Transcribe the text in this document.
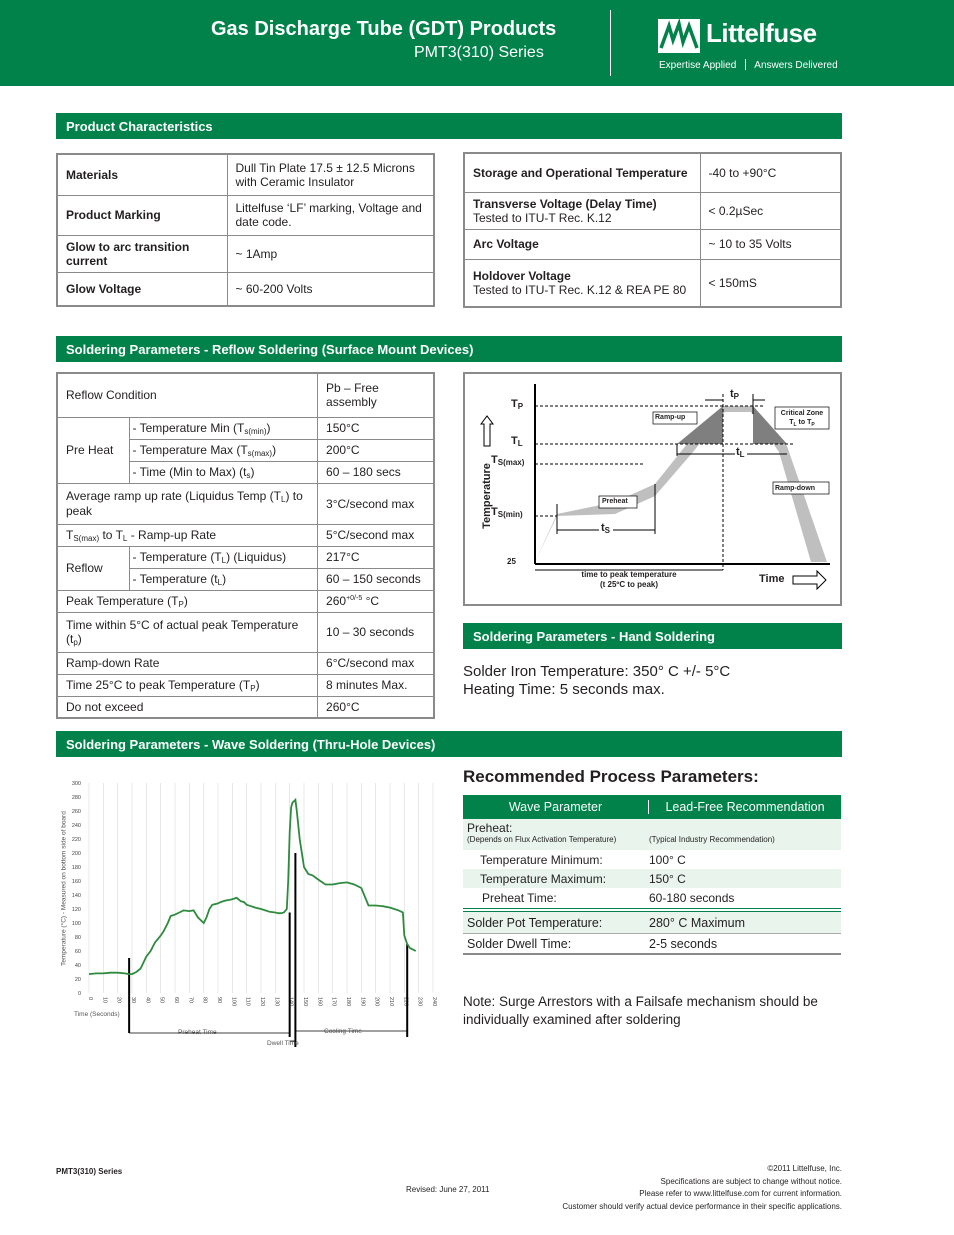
Gas Discharge Tube (GDT) Products
PMT3(310) Series
Littelfuse
Expertise Applied Answers Delivered
Product Characteristics
Materials	Dull Tin Plate 17.5 ± 12.5 Microns with Ceramic Insulator
Product Marking	Littelfuse ‘LF’ marking, Voltage and date code.
Glow to arc transition current	~ 1Amp
Glow Voltage	~ 60-200 Volts
Storage and Operational Temperature	-40 to +90°C

Transverse Voltage (Delay Time)
Tested to ITU-T Rec. K.12	< 0.2µSec

Arc Voltage	~ 10 to 35 Volts

Holdover Voltage
Tested to ITU-T Rec. K.12 & REA PE 80	< 150mS
Soldering Parameters - Reflow Soldering (Surface Mount Devices)
Reflow Condition		Pb – Free assembly
Pre Heat	- Temperature Min $(T_{s(min)})$	150°C
	- Temperature Max $(T_{s(max)})$	200°C
	- Time (Min to Max) $(t_s)$	60 – 180 secs
Average ramp up rate (Liquidus Temp $(T_L)$ to peak		3°C/second max
$T_{S(max)}$ to $T_L$ - Ramp-up Rate		5°C/second max
Reflow	- Temperature $(T_L)$ (Liquidus)	217°C
	- Temperature $(t_L)$	60 – 150 seconds
Peak Temperature $(T_P)$		$260^{+0/-5}$ °C
Time within 5°C of actual peak Temperature $(t_p)$		10 – 30 seconds
Ramp-down Rate		6°C/second max
Time 25°C to peak Temperature $(T_P)$		8 minutes Max.
Do not exceed		260°C
$T_P$
$T_L$
$T_{S(max)}$
$T_{S(min)}$
25
Temperature
Time
$t_P$
$t_L$
$t_S$
Ramp-up
Ramp-down
Preheat
Critical Zone
$T_L$ to $T_P$
time to peak temperature
(t 25ºC to peak)
Soldering Parameters - Hand Soldering
Solder Iron Temperature: 350° C +/- 5°C
Heating Time: 5 seconds max.
Soldering Parameters - Wave Soldering (Thru-Hole Devices)
0 10 20 30 40 50 60 70 80 90 100 110 120 130 140 150 160 170 180 190 200 210 220 230 240
0
20
40
60
80
100
120
140
160
180
200
220
240
260
280
300
Temperature (°C) - Measured on bottom side of board
Time (Seconds)
Preheat Time
Dwell Time
Cooling Time
Recommended Process Parameters:
Wave Parameter	Lead-Free Recommendation
Preheat:
(Depends on Flux Activation Temperature)	(Typical Industry Recommendation)
Temperature Minimum:	100° C
Temperature Maximum:	150° C
Preheat Time:	60-180 seconds
Solder Pot Temperature:	280° C Maximum
Solder Dwell Time:	2-5 seconds
Note: Surge Arrestors with a Failsafe mechanism should be individually examined after soldering
PMT3(310) Series
Revised: June 27, 2011
©2011 Littelfuse, Inc.
Specifications are subject to change without notice.
Please refer to www.littelfuse.com for current information.
Customer should verify actual device performance in their specific applications.
